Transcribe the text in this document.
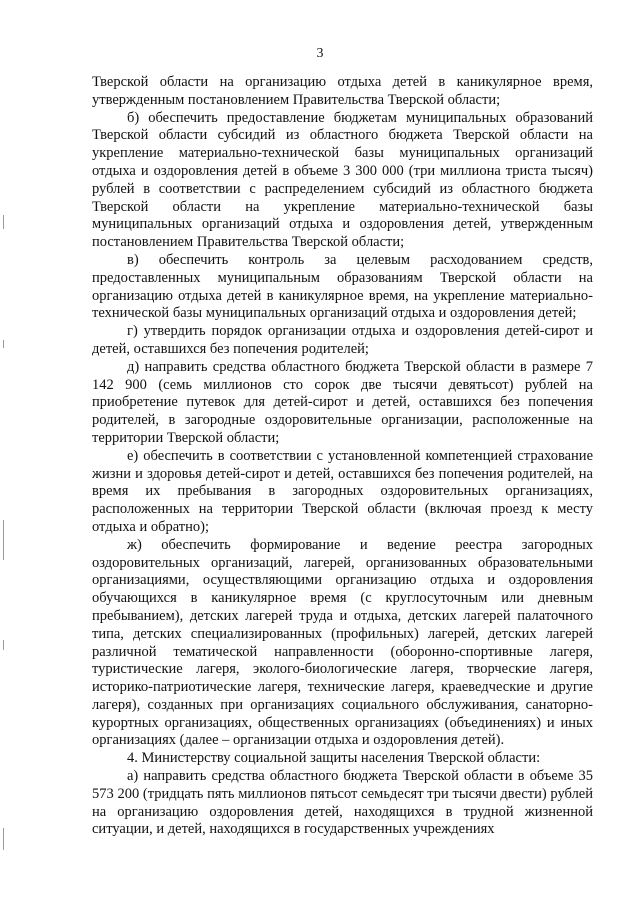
3

Тверской области на организацию отдыха детей в каникулярное время, утвержденным постановлением Правительства Тверской области;

б) обеспечить предоставление бюджетам муниципальных образований Тверской области субсидий из областного бюджета Тверской области на укрепление материально-технической базы муниципальных организаций отдыха и оздоровления детей в объеме 3 300 000 (три миллиона триста тысяч) рублей в соответствии с распределением субсидий из областного бюджета Тверской области на укрепление материально-технической базы муниципальных организаций отдыха и оздоровления детей, утвержденным постановлением Правительства Тверской области;

в) обеспечить контроль за целевым расходованием средств, предоставленных муниципальным образованиям Тверской области на организацию отдыха детей в каникулярное время, на укрепление материально-технической базы муниципальных организаций отдыха и оздоровления детей;

г) утвердить порядок организации отдыха и оздоровления детей-сирот и детей, оставшихся без попечения родителей;

д) направить средства областного бюджета Тверской области в размере 7 142 900 (семь миллионов сто сорок две тысячи девятьсот) рублей на приобретение путевок для детей-сирот и детей, оставшихся без попечения родителей, в загородные оздоровительные организации, расположенные на территории Тверской области;

е) обеспечить в соответствии с установленной компетенцией страхование жизни и здоровья детей-сирот и детей, оставшихся без попечения родителей, на время их пребывания в загородных оздоровительных организациях, расположенных на территории Тверской области (включая проезд к месту отдыха и обратно);

ж) обеспечить формирование и ведение реестра загородных оздоровительных организаций, лагерей, организованных образовательными организациями, осуществляющими организацию отдыха и оздоровления обучающихся в каникулярное время (с круглосуточным или дневным пребыванием), детских лагерей труда и отдыха, детских лагерей палаточного типа, детских специализированных (профильных) лагерей, детских лагерей различной тематической направленности (оборонно-спортивные лагеря, туристические лагеря, эколого-биологические лагеря, творческие лагеря, историко-патриотические лагеря, технические лагеря, краеведческие и другие лагеря), созданных при организациях социального обслуживания, санаторно-курортных организациях, общественных организациях (объединениях) и иных организациях (далее – организации отдыха и оздоровления детей).

4. Министерству социальной защиты населения Тверской области:

а) направить средства областного бюджета Тверской области в объеме 35 573 200 (тридцать пять миллионов пятьсот семьдесят три тысячи двести) рублей на организацию оздоровления детей, находящихся в трудной жизненной ситуации, и детей, находящихся в государственных учреждениях
